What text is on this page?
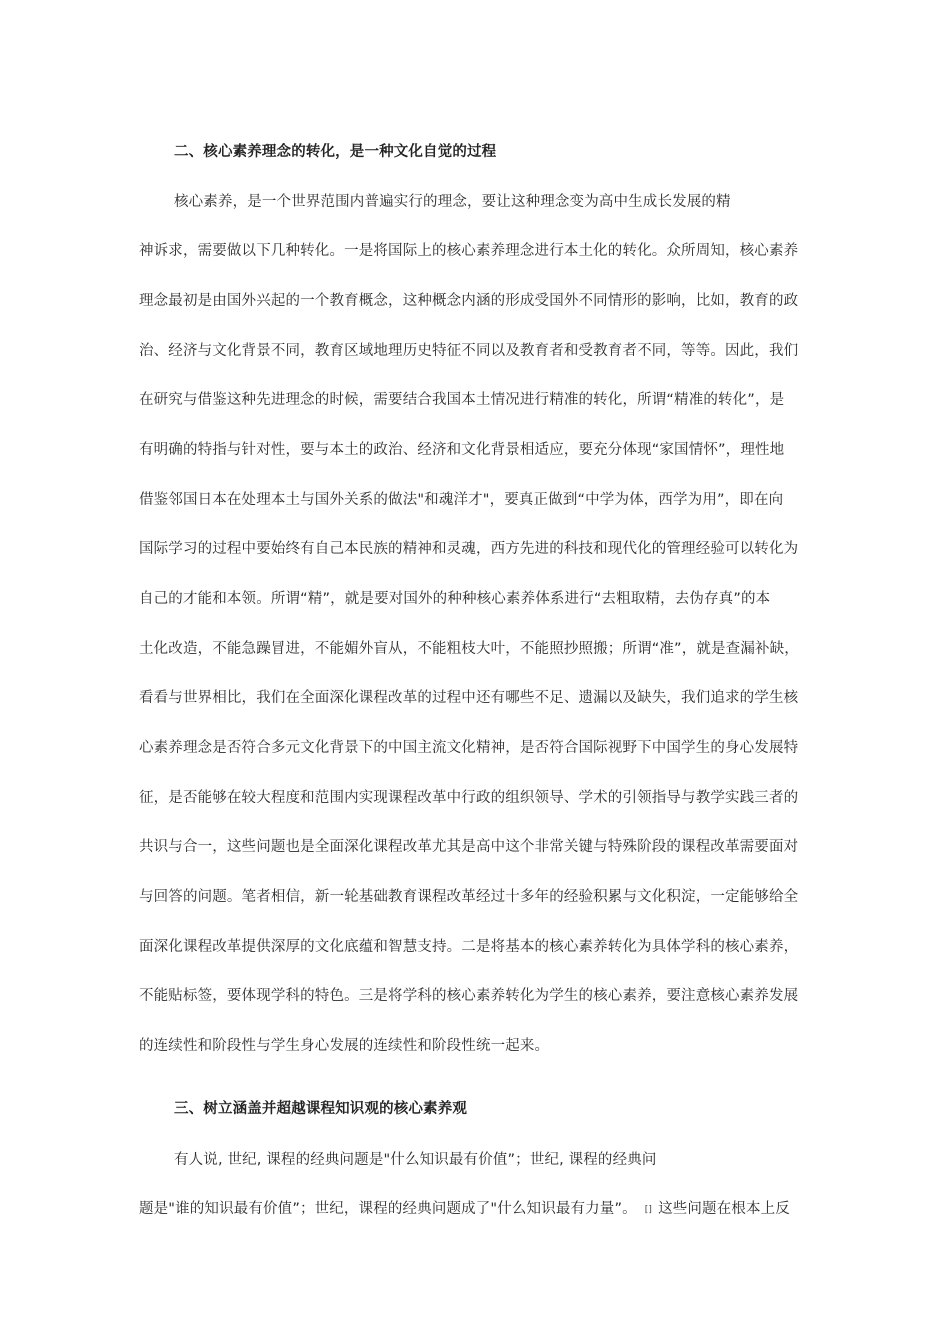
二、核心素养理念的转化，是一种文化自觉的过程
核心素养，是一个世界范围内普遍实行的理念，要让这种理念变为高中生成长发展的精
神诉求，需要做以下几种转化。一是将国际上的核心素养理念进行本土化的转化。众所周知，核心素养
理念最初是由国外兴起的一个教育概念，这种概念内涵的形成受国外不同情形的影响，比如，教育的政
治、经济与文化背景不同，教育区域地理历史特征不同以及教育者和受教育者不同，等等。因此，我们
在研究与借鉴这种先进理念的时候，需要结合我国本土情况进行精准的转化，所谓“精准的转化”，是
有明确的特指与针对性，要与本土的政治、经济和文化背景相适应，要充分体现“家国情怀”，理性地
借鉴邻国日本在处理本土与国外关系的做法"和魂洋才"，要真正做到“中学为体，西学为用”，即在向
国际学习的过程中要始终有自己本民族的精神和灵魂，西方先进的科技和现代化的管理经验可以转化为
自己的才能和本领。所谓“精”，就是要对国外的种种核心素养体系进行“去粗取精，去伪存真”的本
土化改造，不能急躁冒进，不能媚外盲从，不能粗枝大叶，不能照抄照搬；所谓“准”，就是查漏补缺，
看看与世界相比，我们在全面深化课程改革的过程中还有哪些不足、遗漏以及缺失，我们追求的学生核
心素养理念是否符合多元文化背景下的中国主流文化精神，是否符合国际视野下中国学生的身心发展特
征，是否能够在较大程度和范围内实现课程改革中行政的组织领导、学术的引领指导与教学实践三者的
共识与合一，这些问题也是全面深化课程改革尤其是高中这个非常关键与特殊阶段的课程改革需要面对
与回答的问题。笔者相信，新一轮基础教育课程改革经过十多年的经验积累与文化积淀，一定能够给全
面深化课程改革提供深厚的文化底蕴和智慧支持。二是将基本的核心素养转化为具体学科的核心素养，
不能贴标签，要体现学科的特色。三是将学科的核心素养转化为学生的核心素养，要注意核心素养发展
的连续性和阶段性与学生身心发展的连续性和阶段性统一起来。
三、树立涵盖并超越课程知识观的核心素养观
有人说, 世纪, 课程的经典问题是"什么知识最有价值”；世纪, 课程的经典问
题是"谁的知识最有价值”；世纪，课程的经典问题成了"什么知识最有力量”。 [] 这些问题在根本上反
